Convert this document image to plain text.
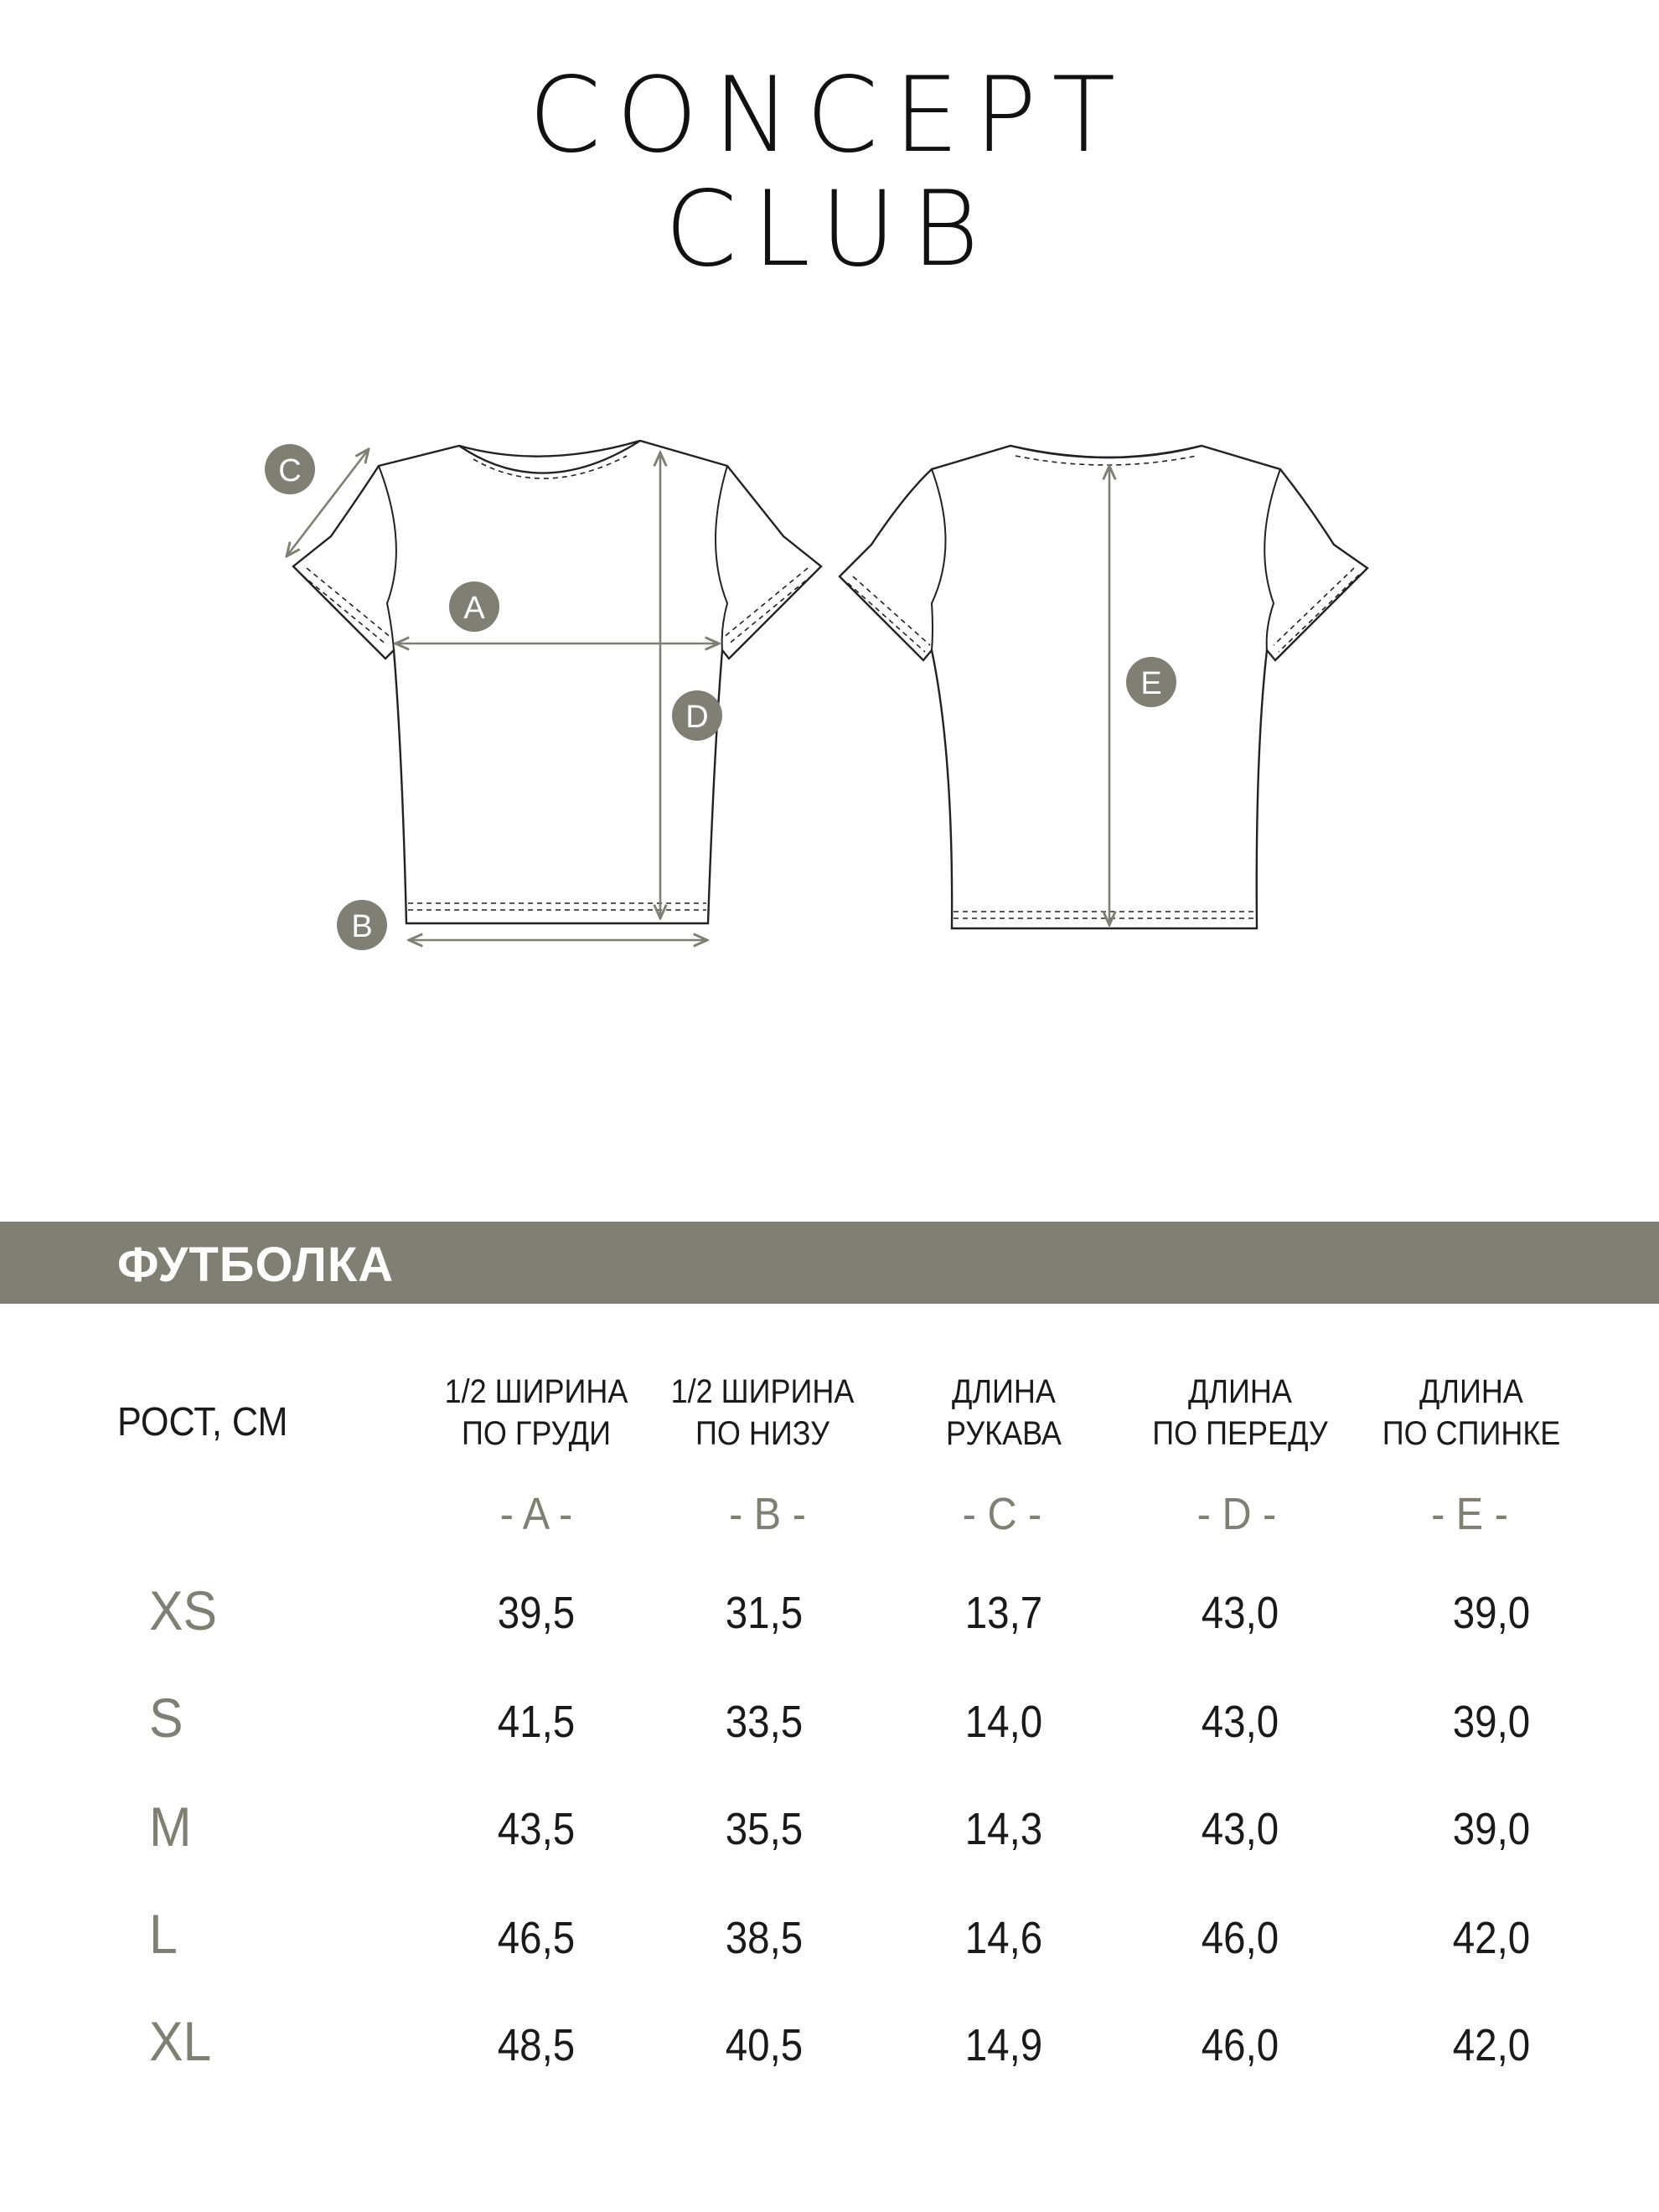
CONCEPT
CLUB
A
B
C
D
E
ФУТБОЛКА
РОСТ, СМ
1/2 ШИРИНА
ПО ГРУДИ
1/2 ШИРИНА
ПО НИЗУ
ДЛИНА
РУКАВА
ДЛИНА
ПО ПЕРЕДУ
ДЛИНА
ПО СПИНКЕ
- A -	- B -	- C -	- D -	- E -
XS	39,5	31,5	13,7	43,0	39,0
S	41,5	33,5	14,0	43,0	39,0
M	43,5	35,5	14,3	43,0	39,0
L	46,5	38,5	14,6	46,0	42,0
XL	48,5	40,5	14,9	46,0	42,0
